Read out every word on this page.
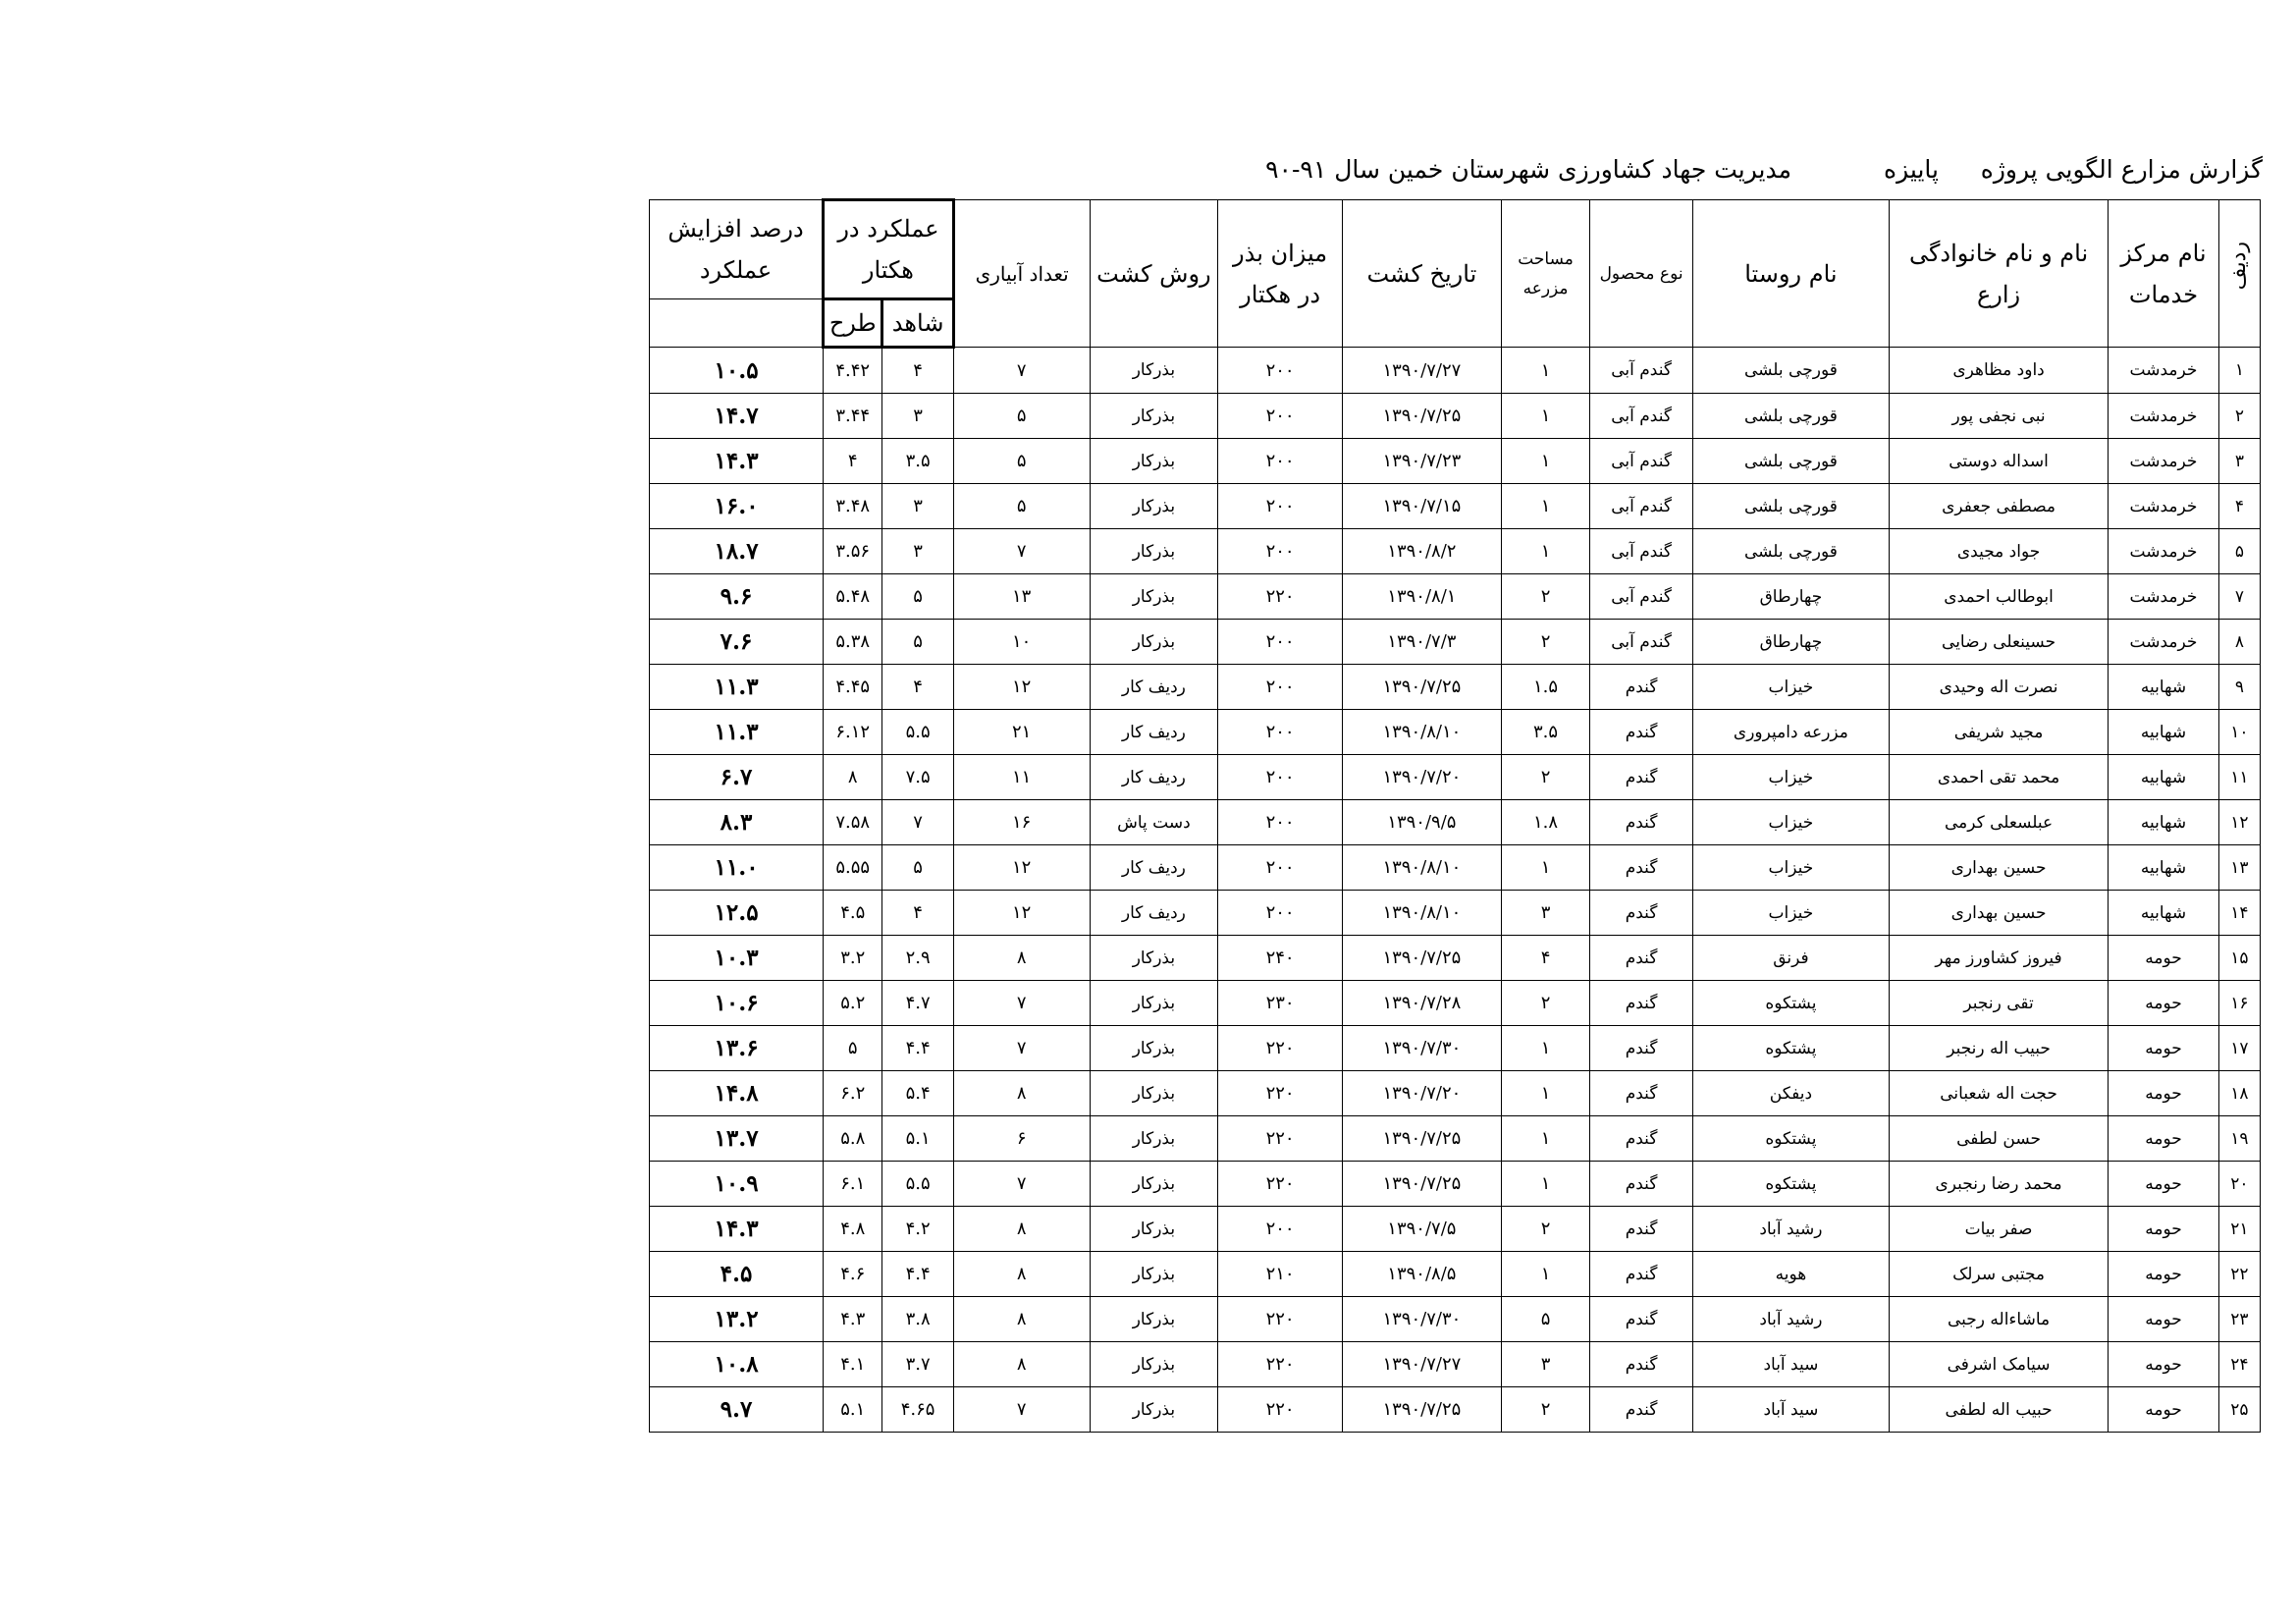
گزارش مزارع الگویی پروژه
پاییزه
مدیریت جهاد کشاورزی شهرستان خمین سال ۹۱-۹۰
ردیف	نام مرکز خدمات	نام و نام خانوادگی زارع	نام روستا	نوع محصول	مساحت مزرعه	تاریخ کشت	میزان بذر در هکتار	روش کشت	تعداد آبیاری	عملکرد در هکتار		درصد افزایش عملکرد
										شاهد	طرح	
۱	خرمدشت	داود مظاهری	قورچی بلشی	گندم آبی	۱	۱۳۹۰/۷/۲۷	۲۰۰	بذرکار	۷	۴	۴.۴۲	۱۰.۵
۲	خرمدشت	نبی نجفی پور	قورچی بلشی	گندم آبی	۱	۱۳۹۰/۷/۲۵	۲۰۰	بذرکار	۵	۳	۳.۴۴	۱۴.۷
۳	خرمدشت	اسداله دوستی	قورچی بلشی	گندم آبی	۱	۱۳۹۰/۷/۲۳	۲۰۰	بذرکار	۵	۳.۵	۴	۱۴.۳
۴	خرمدشت	مصطفی جعفری	قورچی بلشی	گندم آبی	۱	۱۳۹۰/۷/۱۵	۲۰۰	بذرکار	۵	۳	۳.۴۸	۱۶.۰
۵	خرمدشت	جواد مجیدی	قورچی بلشی	گندم آبی	۱	۱۳۹۰/۸/۲	۲۰۰	بذرکار	۷	۳	۳.۵۶	۱۸.۷
۷	خرمدشت	ابوطالب احمدی	چهارطاق	گندم آبی	۲	۱۳۹۰/۸/۱	۲۲۰	بذرکار	۱۳	۵	۵.۴۸	۹.۶
۸	خرمدشت	حسینعلی رضایی	چهارطاق	گندم آبی	۲	۱۳۹۰/۷/۳	۲۰۰	بذرکار	۱۰	۵	۵.۳۸	۷.۶
۹	شهابیه	نصرت اله وحیدی	خیزاب	گندم	۱.۵	۱۳۹۰/۷/۲۵	۲۰۰	ردیف کار	۱۲	۴	۴.۴۵	۱۱.۳
۱۰	شهابیه	مجید شریفی	مزرعه دامپروری	گندم	۳.۵	۱۳۹۰/۸/۱۰	۲۰۰	ردیف کار	۲۱	۵.۵	۶.۱۲	۱۱.۳
۱۱	شهابیه	محمد تقی احمدی	خیزاب	گندم	۲	۱۳۹۰/۷/۲۰	۲۰۰	ردیف کار	۱۱	۷.۵	۸	۶.۷
۱۲	شهابیه	عبلسعلی کرمی	خیزاب	گندم	۱.۸	۱۳۹۰/۹/۵	۲۰۰	دست پاش	۱۶	۷	۷.۵۸	۸.۳
۱۳	شهابیه	حسین بهداری	خیزاب	گندم	۱	۱۳۹۰/۸/۱۰	۲۰۰	ردیف کار	۱۲	۵	۵.۵۵	۱۱.۰
۱۴	شهابیه	حسین بهداری	خیزاب	گندم	۳	۱۳۹۰/۸/۱۰	۲۰۰	ردیف کار	۱۲	۴	۴.۵	۱۲.۵
۱۵	حومه	فیروز کشاورز مهر	فرنق	گندم	۴	۱۳۹۰/۷/۲۵	۲۴۰	بذرکار	۸	۲.۹	۳.۲	۱۰.۳
۱۶	حومه	تقی رنجبر	پشتکوه	گندم	۲	۱۳۹۰/۷/۲۸	۲۳۰	بذرکار	۷	۴.۷	۵.۲	۱۰.۶
۱۷	حومه	حبیب اله رنجبر	پشتکوه	گندم	۱	۱۳۹۰/۷/۳۰	۲۲۰	بذرکار	۷	۴.۴	۵	۱۳.۶
۱۸	حومه	حجت اله شعبانی	دیفکن	گندم	۱	۱۳۹۰/۷/۲۰	۲۲۰	بذرکار	۸	۵.۴	۶.۲	۱۴.۸
۱۹	حومه	حسن لطفی	پشتکوه	گندم	۱	۱۳۹۰/۷/۲۵	۲۲۰	بذرکار	۶	۵.۱	۵.۸	۱۳.۷
۲۰	حومه	محمد رضا رنجبری	پشتکوه	گندم	۱	۱۳۹۰/۷/۲۵	۲۲۰	بذرکار	۷	۵.۵	۶.۱	۱۰.۹
۲۱	حومه	صفر بیات	رشید آباد	گندم	۲	۱۳۹۰/۷/۵	۲۰۰	بذرکار	۸	۴.۲	۴.۸	۱۴.۳
۲۲	حومه	مجتبی سرلک	هویه	گندم	۱	۱۳۹۰/۸/۵	۲۱۰	بذرکار	۸	۴.۴	۴.۶	۴.۵
۲۳	حومه	ماشاءاله رجبی	رشید آباد	گندم	۵	۱۳۹۰/۷/۳۰	۲۲۰	بذرکار	۸	۳.۸	۴.۳	۱۳.۲
۲۴	حومه	سیامک اشرفی	سید آباد	گندم	۳	۱۳۹۰/۷/۲۷	۲۲۰	بذرکار	۸	۳.۷	۴.۱	۱۰.۸
۲۵	حومه	حبیب اله لطفی	سید آباد	گندم	۲	۱۳۹۰/۷/۲۵	۲۲۰	بذرکار	۷	۴.۶۵	۵.۱	۹.۷
